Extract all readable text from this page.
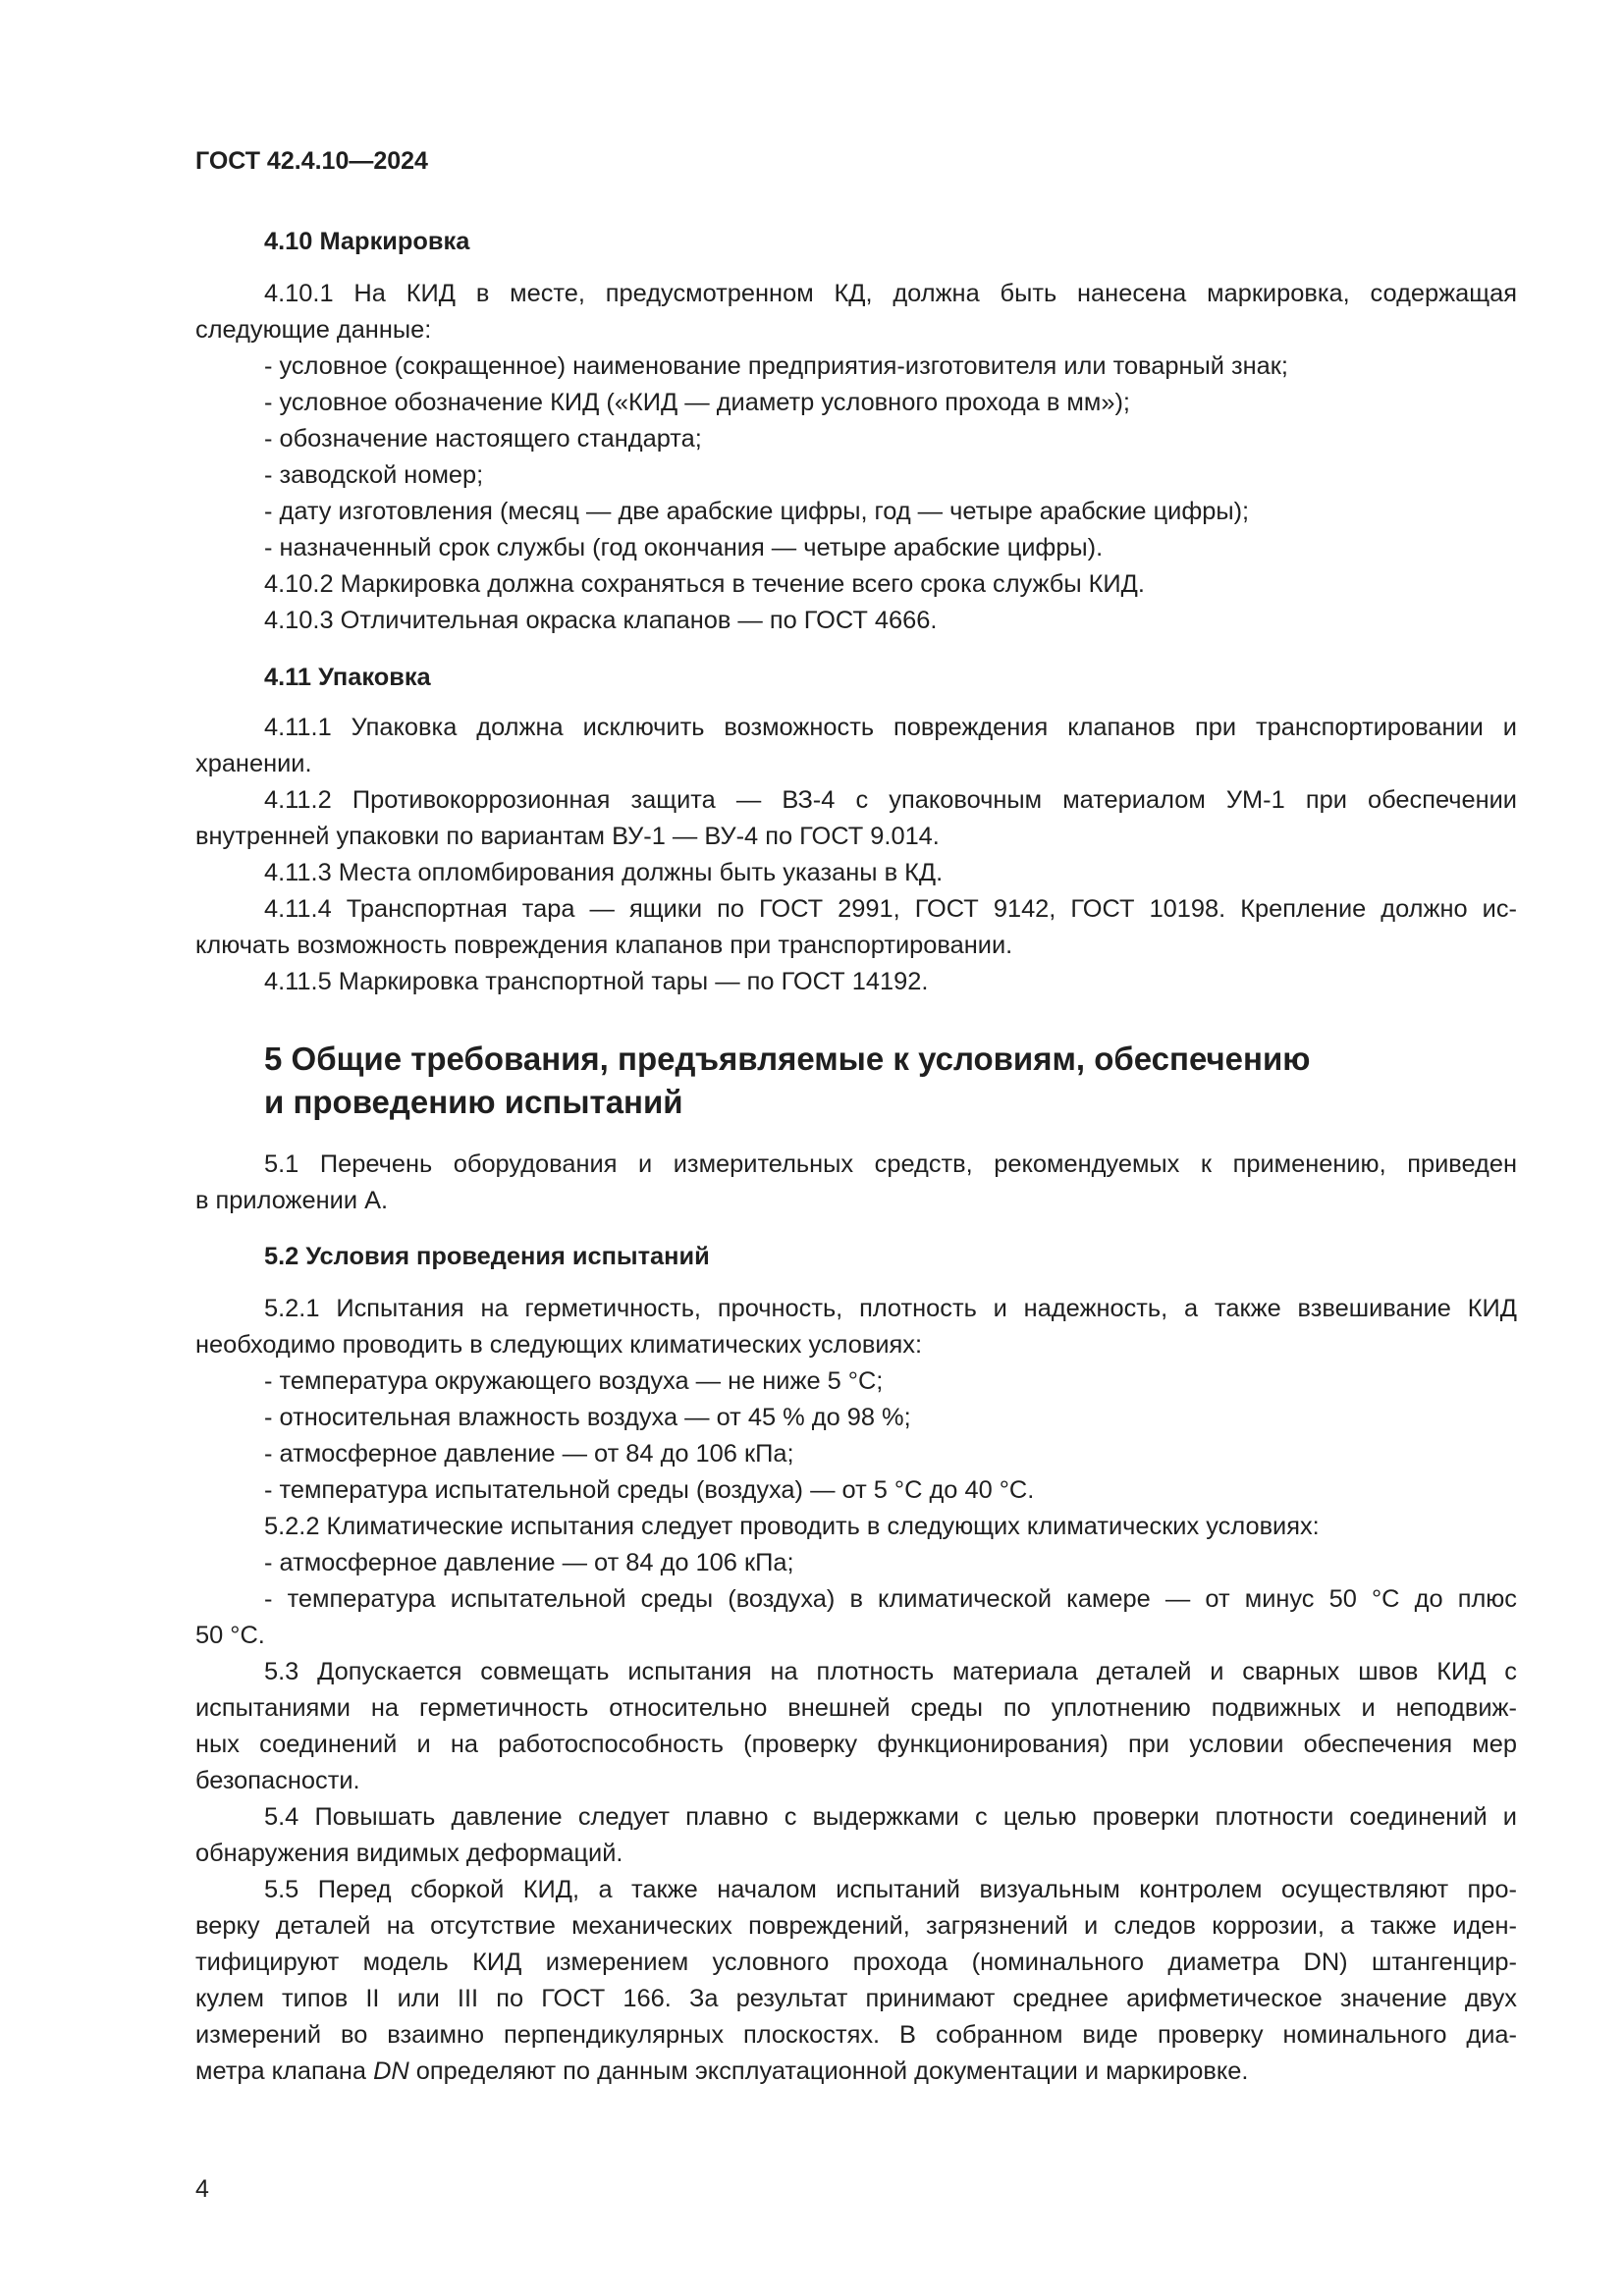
ГОСТ 42.4.10—2024
4.10 Маркировка
4.10.1 На КИД в месте, предусмотренном КД, должна быть нанесена маркировка, содержащая
следующие данные:
- условное (сокращенное) наименование предприятия-изготовителя или товарный знак;
- условное обозначение КИД («КИД — диаметр условного прохода в мм»);
- обозначение настоящего стандарта;
- заводской номер;
- дату изготовления (месяц — две арабские цифры, год — четыре арабские цифры);
- назначенный срок службы (год окончания — четыре арабские цифры).
4.10.2 Маркировка должна сохраняться в течение всего срока службы КИД.
4.10.3 Отличительная окраска клапанов — по ГОСТ 4666.
4.11 Упаковка
4.11.1 Упаковка должна исключить возможность повреждения клапанов при транспортировании и
хранении.
4.11.2 Противокоррозионная защита — ВЗ-4 с упаковочным материалом УМ-1 при обеспечении
внутренней упаковки по вариантам ВУ-1 — ВУ-4 по ГОСТ 9.014.
4.11.3 Места опломбирования должны быть указаны в КД.
4.11.4 Транспортная тара — ящики по ГОСТ 2991, ГОСТ 9142, ГОСТ 10198. Крепление должно ис-
ключать возможность повреждения клапанов при транспортировании.
4.11.5 Маркировка транспортной тары — по ГОСТ 14192.
5 Общие требования, предъявляемые к условиям, обеспечению
и проведению испытаний
5.1 Перечень оборудования и измерительных средств, рекомендуемых к применению, приведен
в приложении А.
5.2 Условия проведения испытаний
5.2.1 Испытания на герметичность, прочность, плотность и надежность, а также взвешивание КИД
необходимо проводить в следующих климатических условиях:
- температура окружающего воздуха — не ниже 5 °С;
- относительная влажность воздуха — от 45 % до 98 %;
- атмосферное давление — от 84 до 106 кПа;
- температура испытательной среды (воздуха) — от 5 °С до 40 °С.
5.2.2 Климатические испытания следует проводить в следующих климатических условиях:
- атмосферное давление — от 84 до 106 кПа;
- температура испытательной среды (воздуха) в климатической камере — от минус 50 °С до плюс
50 °С.
5.3 Допускается совмещать испытания на плотность материала деталей и сварных швов КИД с
испытаниями на герметичность относительно внешней среды по уплотнению подвижных и неподвиж-
ных соединений и на работоспособность (проверку функционирования) при условии обеспечения мер
безопасности.
5.4 Повышать давление следует плавно с выдержками с целью проверки плотности соединений и
обнаружения видимых деформаций.
5.5 Перед сборкой КИД, а также началом испытаний визуальным контролем осуществляют про-
верку деталей на отсутствие механических повреждений, загрязнений и следов коррозии, а также иден-
тифицируют модель КИД измерением условного прохода (номинального диаметра DN) штангенцир-
кулем типов II или III по ГОСТ 166. За результат принимают среднее арифметическое значение двух
измерений во взаимно перпендикулярных плоскостях. В собранном виде проверку номинального диа-
метра клапана DN определяют по данным эксплуатационной документации и маркировке.
4
